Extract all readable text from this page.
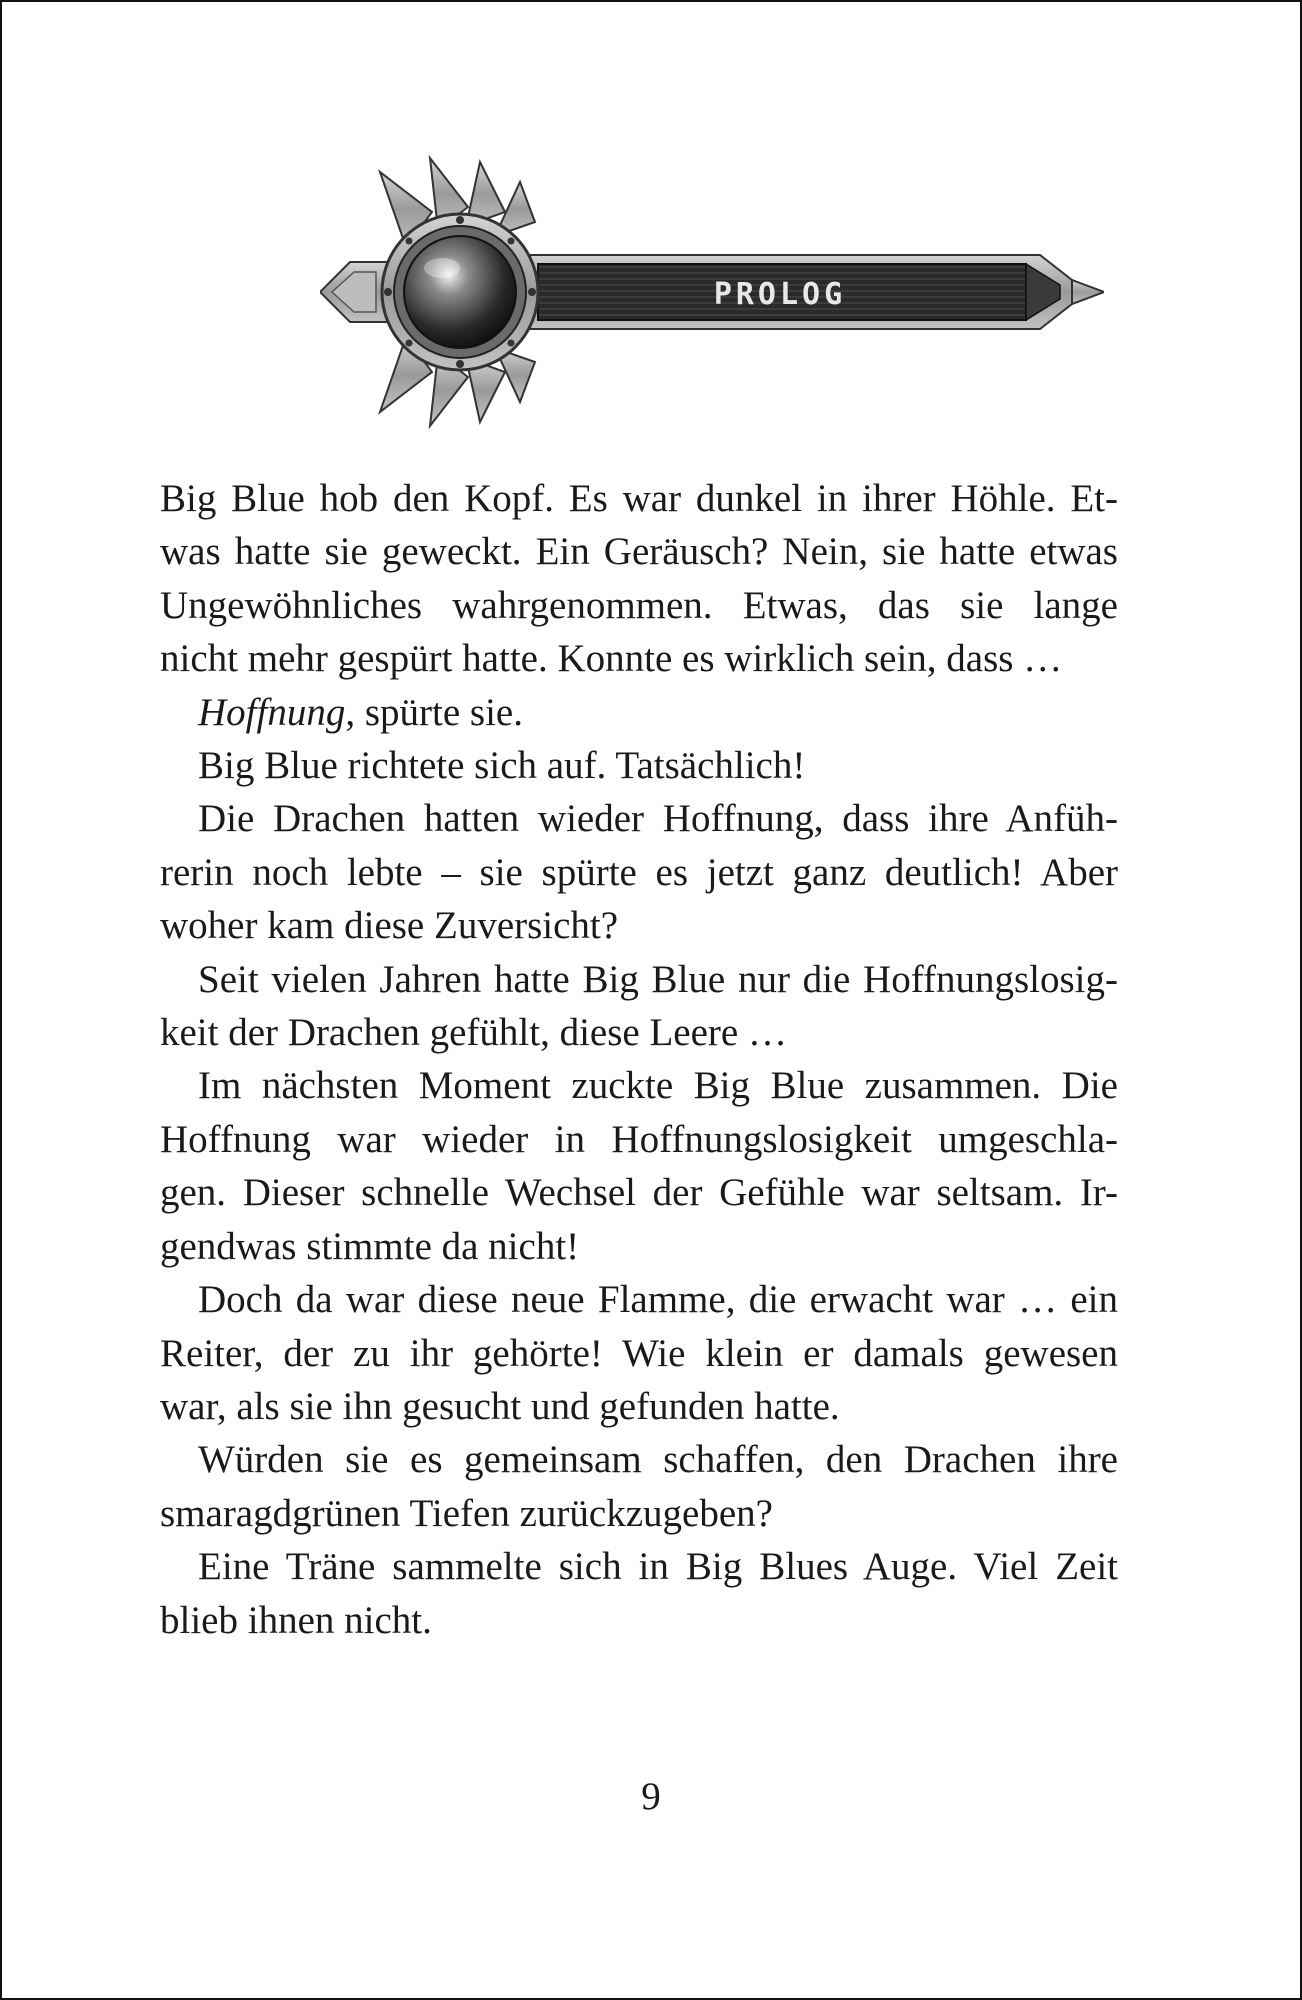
PROLOG
Big Blue hob den Kopf. Es war dunkel in ihrer Höhle. Et-
was hatte sie geweckt. Ein Geräusch? Nein, sie hatte etwas
Ungewöhnliches wahrgenommen. Etwas, das sie lange
nicht mehr gespürt hatte. Konnte es wirklich sein, dass …
Hoffnung, spürte sie.
Big Blue richtete sich auf. Tatsächlich!
Die Drachen hatten wieder Hoffnung, dass ihre Anfüh-
rerin noch lebte – sie spürte es jetzt ganz deutlich! Aber
woher kam diese Zuversicht?
Seit vielen Jahren hatte Big Blue nur die Hoffnungslosig-
keit der Drachen gefühlt, diese Leere …
Im nächsten Moment zuckte Big Blue zusammen. Die
Hoffnung war wieder in Hoffnungslosigkeit umgeschla-
gen. Dieser schnelle Wechsel der Gefühle war seltsam. Ir-
gendwas stimmte da nicht!
Doch da war diese neue Flamme, die erwacht war … ein
Reiter, der zu ihr gehörte! Wie klein er damals gewesen
war, als sie ihn gesucht und gefunden hatte.
Würden sie es gemeinsam schaffen, den Drachen ihre
smaragdgrünen Tiefen zurückzugeben?
Eine Träne sammelte sich in Big Blues Auge. Viel Zeit
blieb ihnen nicht.
9
